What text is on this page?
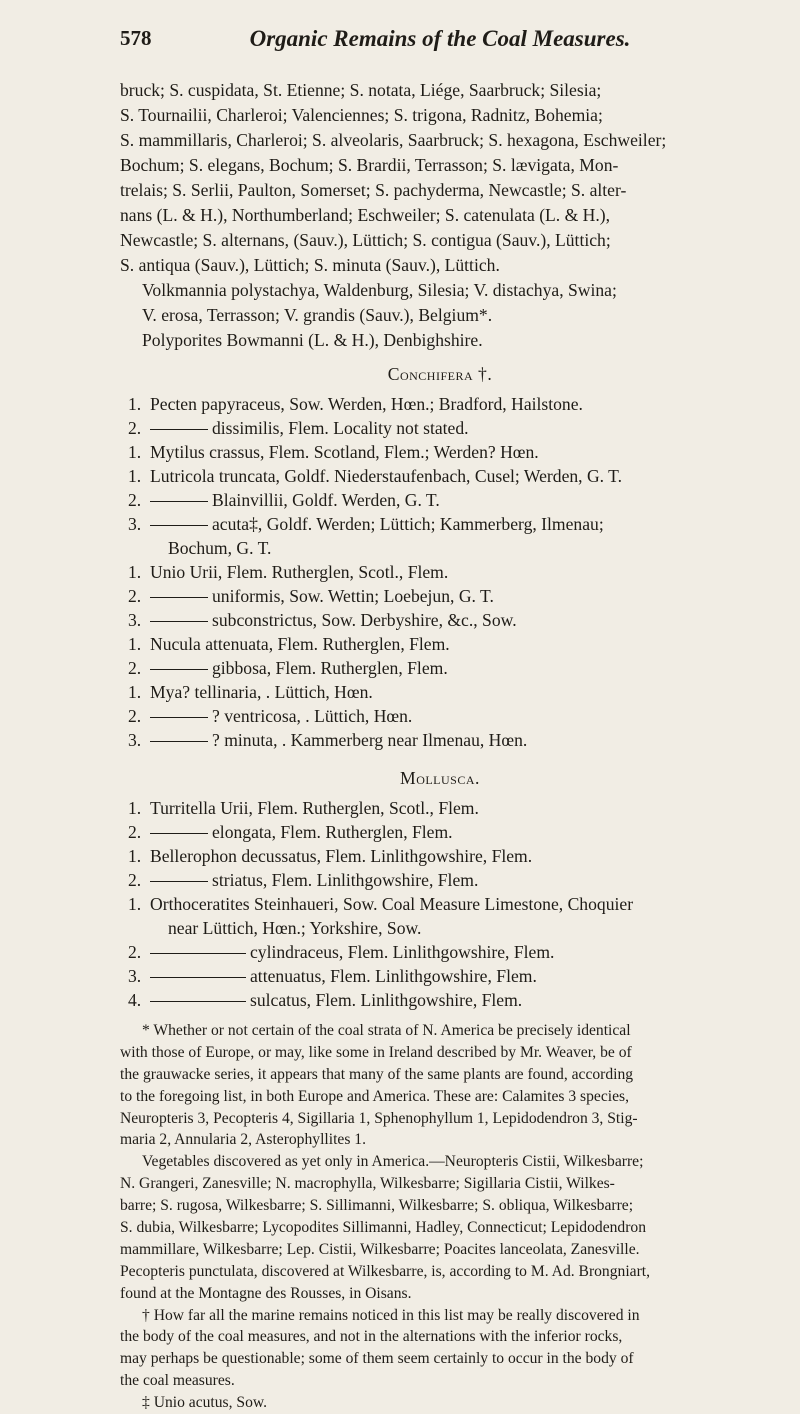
578	Organic Remains of the Coal Measures.
bruck; S. cuspidata, St. Etienne; S. notata, Liége, Saarbruck; Silesia;
S. Tournailii, Charleroi; Valenciennes; S. trigona, Radnitz, Bohemia;
S. mammillaris, Charleroi; S. alveolaris, Saarbruck; S. hexagona, Eschweiler;
Bochum; S. elegans, Bochum; S. Brardii, Terrasson; S. lævigata, Mon-
trelais; S. Serlii, Paulton, Somerset; S. pachyderma, Newcastle; S. alter-
nans (L. & H.), Northumberland; Eschweiler; S. catenulata (L. & H.),
Newcastle; S. alternans, (Sauv.), Lüttich; S. contigua (Sauv.), Lüttich;
S. antiqua (Sauv.), Lüttich; S. minuta (Sauv.), Lüttich.
Volkmannia polystachya, Waldenburg, Silesia; V. distachya, Swina;
V. erosa, Terrasson; V. grandis (Sauv.), Belgium*.
Polyporites Bowmanni (L. & H.), Denbighshire.
Conchifera †.
1. Pecten papyraceus, Sow. Werden, Hœn.; Bradford, Hailstone.
2.	dissimilis, Flem. Locality not stated.
1. Mytilus crassus, Flem. Scotland, Flem.; Werden? Hœn.
1. Lutricola truncata, Goldf. Niederstaufenbach, Cusel; Werden, G. T.
2.	Blainvillii, Goldf. Werden, G. T.
3.	acuta‡, Goldf. Werden; Lüttich; Kammerberg, Ilmenau;
Bochum, G. T.
1. Unio Urii, Flem. Rutherglen, Scotl., Flem.
2.	uniformis, Sow. Wettin; Loebejun, G. T.
3.	subconstrictus, Sow. Derbyshire, &c., Sow.
1. Nucula attenuata, Flem. Rutherglen, Flem.
2.	gibbosa, Flem. Rutherglen, Flem.
1. Mya? tellinaria, . Lüttich, Hœn.
2.	? ventricosa, . Lüttich, Hœn.
3.	? minuta, . Kammerberg near Ilmenau, Hœn.
Mollusca.
1. Turritella Urii, Flem. Rutherglen, Scotl., Flem.
2.	elongata, Flem. Rutherglen, Flem.
1. Bellerophon decussatus, Flem. Linlithgowshire, Flem.
2.	striatus, Flem. Linlithgowshire, Flem.
1. Orthoceratites Steinhaueri, Sow. Coal Measure Limestone, Choquier
near Lüttich, Hœn.; Yorkshire, Sow.
2.	cylindraceus, Flem. Linlithgowshire, Flem.
3.	attenuatus, Flem. Linlithgowshire, Flem.
4.	sulcatus, Flem. Linlithgowshire, Flem.
* Whether or not certain of the coal strata of N. America be precisely identical
with those of Europe, or may, like some in Ireland described by Mr. Weaver, be of
the grauwacke series, it appears that many of the same plants are found, according
to the foregoing list, in both Europe and America. These are: Calamites 3 species,
Neuropteris 3, Pecopteris 4, Sigillaria 1, Sphenophyllum 1, Lepidodendron 3, Stig-
maria 2, Annularia 2, Asterophyllites 1.
Vegetables discovered as yet only in America.—Neuropteris Cistii, Wilkesbarre;
N. Grangeri, Zanesville; N. macrophylla, Wilkesbarre; Sigillaria Cistii, Wilkes-
barre; S. rugosa, Wilkesbarre; S. Sillimanni, Wilkesbarre; S. obliqua, Wilkesbarre;
S. dubia, Wilkesbarre; Lycopodites Sillimanni, Hadley, Connecticut; Lepidodendron
mammillare, Wilkesbarre; Lep. Cistii, Wilkesbarre; Poacites lanceolata, Zanesville.
Pecopteris punctulata, discovered at Wilkesbarre, is, according to M. Ad. Brongniart,
found at the Montagne des Rousses, in Oisans.
† How far all the marine remains noticed in this list may be really discovered in
the body of the coal measures, and not in the alternations with the inferior rocks,
may perhaps be questionable; some of them seem certainly to occur in the body of
the coal measures.
‡ Unio acutus, Sow.
